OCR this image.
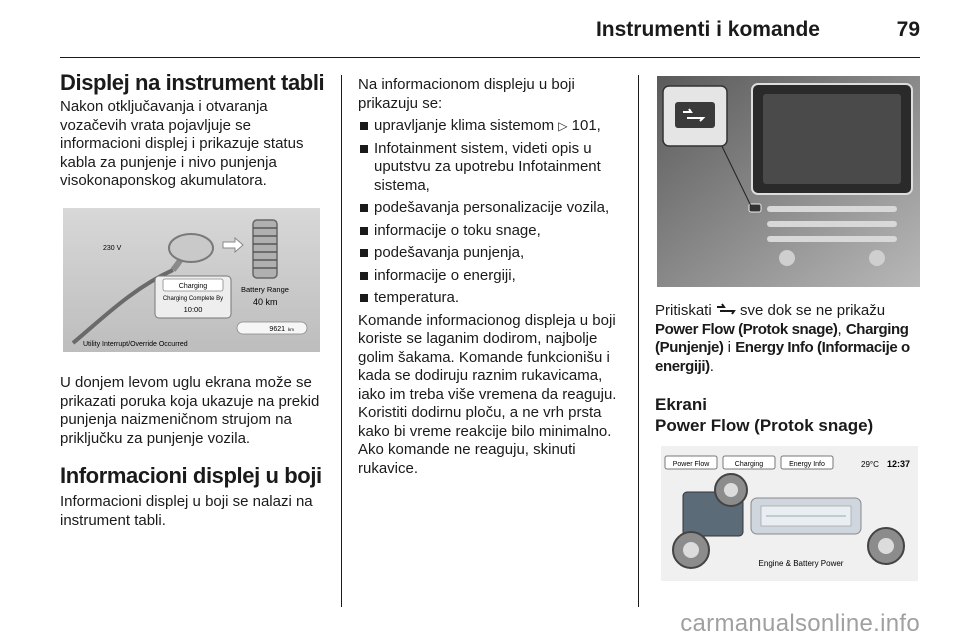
Instrumenti i komande	79
Displej na instrument tabli

Nakon otključavanja i otvaranja vozačevih vrata pojavljuje se informacioni displej i prikazuje status kabla za punjenje i nivo punjenja visokonaponskog akumulatora.

Charging
Charging Complete By
10:00
230 V
Battery Range
40 km
9621 km
Utility Interrupt/Override Occurred

U donjem levom uglu ekrana može se prikazati poruka koja ukazuje na prekid punjenja naizmeničnom strujom na priključku za punjenje vozila.

Informacioni displej u boji

Informacioni displej u boji se nalazi na instrument tabli.

Na informacionom displeju u boji prikazuju se:

upravljanje klima sistemom ▷ 101,
Infotainment sistem, videti opis u uputstvu za upotrebu Infotainment sistema,
podešavanja personalizacije vozila,
informacije o toku snage,
podešavanja punjenja,
informacije o energiji,
temperatura.

Komande informacionog displeja u boji koriste se laganim dodirom, najbolje golim šakama. Komande funkcionišu i kada se dodiruju raznim rukavicama, iako im treba više vremena da reaguju. Koristiti dodirnu ploču, a ne vrh prsta kako bi vreme reakcije bilo minimalno. Ako komande ne reaguju, skinuti rukavice.

Pritiskati  sve dok se ne prikažu Power Flow (Protok snage), Charging (Punjenje) i Energy Info (Informacije o energiji).

Ekrani
Power Flow (Protok snage)
Power Flow	Charging	Energy Info	29°C 12:37
Engine & Battery Power
carmanualsonline.info
